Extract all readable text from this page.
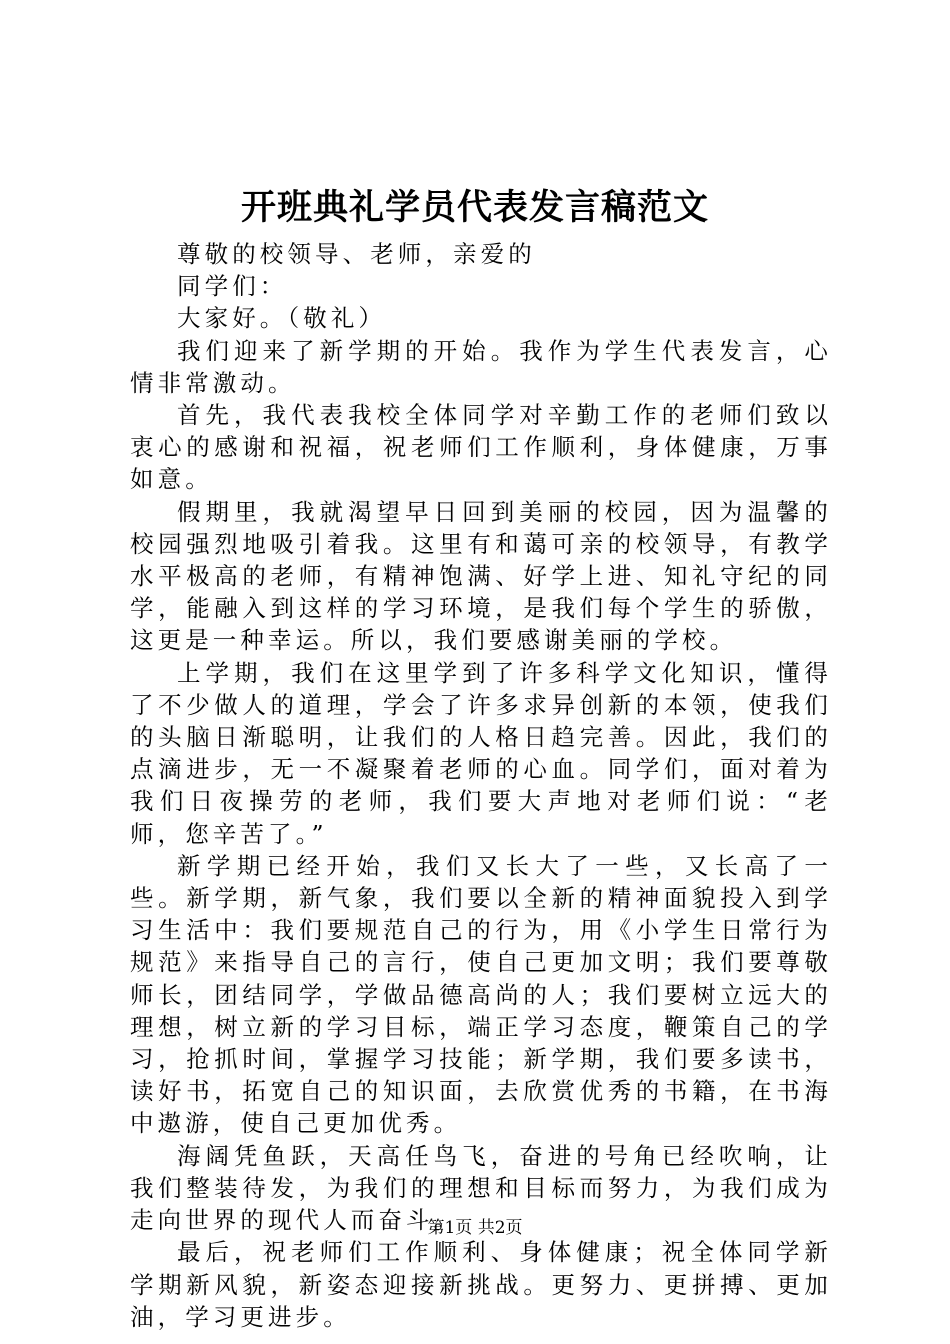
开班典礼学员代表发言稿范文

尊敬的校领导、老师，亲爱的

同学们：

大家好。（敬礼）

我们迎来了新学期的开始。我作为学生代表发言，心情非常激动。

首先，我代表我校全体同学对辛勤工作的老师们致以衷心的感谢和祝福，祝老师们工作顺利，身体健康，万事如意。

假期里，我就渴望早日回到美丽的校园，因为温馨的校园强烈地吸引着我。这里有和蔼可亲的校领导，有教学水平极高的老师，有精神饱满、好学上进、知礼守纪的同学，能融入到这样的学习环境，是我们每个学生的骄傲，这更是一种幸运。所以，我们要感谢美丽的学校。

上学期，我们在这里学到了许多科学文化知识，懂得了不少做人的道理，学会了许多求异创新的本领，使我们的头脑日渐聪明，让我们的人格日趋完善。因此，我们的点滴进步，无一不凝聚着老师的心血。同学们，面对着为我们日夜操劳的老师，我们要大声地对老师们说：“老师，您辛苦了。”

新学期已经开始，我们又长大了一些，又长高了一些。新学期，新气象，我们要以全新的精神面貌投入到学习生活中：我们要规范自己的行为，用《小学生日常行为规范》来指导自己的言行，使自己更加文明；我们要尊敬师长，团结同学，学做品德高尚的人；我们要树立远大的理想，树立新的学习目标，端正学习态度，鞭策自己的学习，抢抓时间，掌握学习技能；新学期，我们要多读书，读好书，拓宽自己的知识面，去欣赏优秀的书籍，在书海中遨游，使自己更加优秀。

海阔凭鱼跃，天高任鸟飞，奋进的号角已经吹响，让我们整装待发，为我们的理想和目标而努力，为我们成为走向世界的现代人而奋斗。

最后，祝老师们工作顺利、身体健康；祝全体同学新学期新风貌，新姿态迎接新挑战。更努力、更拼搏、更加油，学习更进步。

第1页 共2页
